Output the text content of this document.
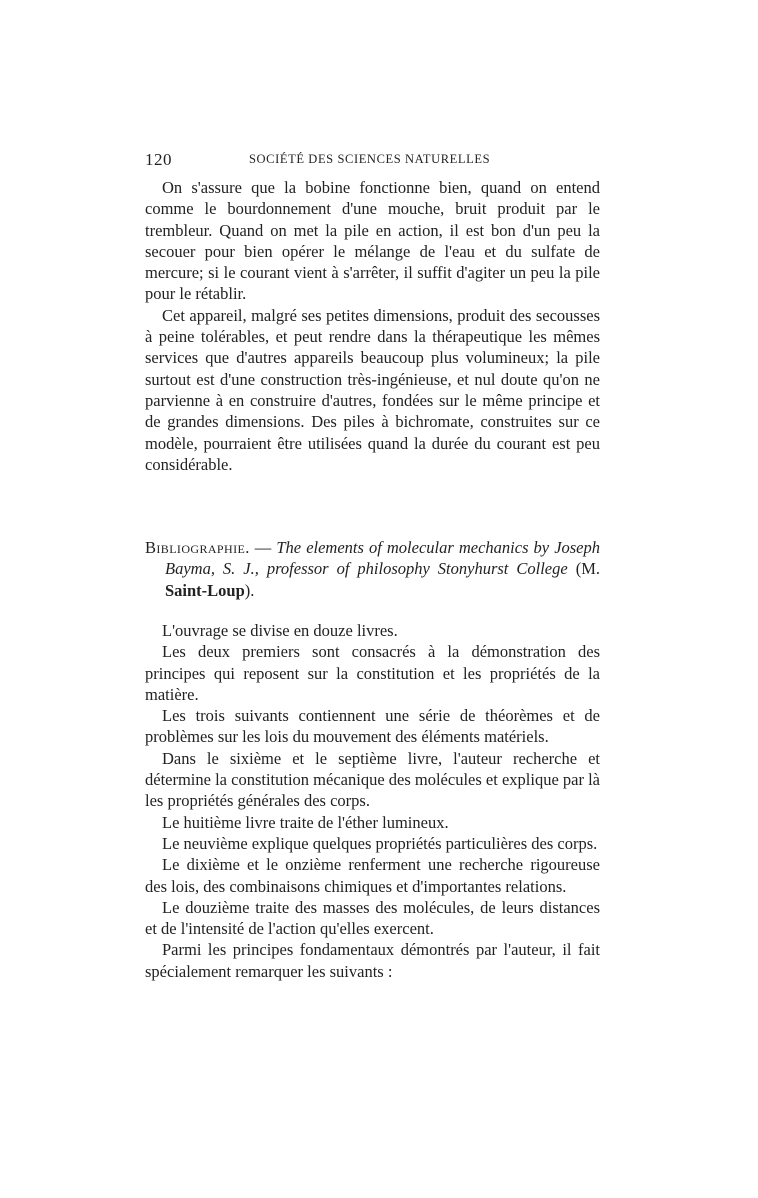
120	SOCIÉTÉ DES SCIENCES NATURELLES

On s'assure que la bobine fonctionne bien, quand on entend comme le bourdonnement d'une mouche, bruit produit par le trembleur. Quand on met la pile en action, il est bon d'un peu la secouer pour bien opérer le mélange de l'eau et du sulfate de mercure; si le courant vient à s'arrêter, il suffit d'agiter un peu la pile pour le rétablir.

Cet appareil, malgré ses petites dimensions, produit des secousses à peine tolérables, et peut rendre dans la thérapeutique les mêmes services que d'autres appareils beaucoup plus volumineux; la pile surtout est d'une construction très-ingénieuse, et nul doute qu'on ne parvienne à en construire d'autres, fondées sur le même principe et de grandes dimensions. Des piles à bichromate, construites sur ce modèle, pourraient être utilisées quand la durée du courant est peu considérable.

Bibliographie. — The elements of molecular mechanics by Joseph Bayma, S. J., professor of philosophy Stonyhurst College (M. Saint-Loup).

L'ouvrage se divise en douze livres.

Les deux premiers sont consacrés à la démonstration des principes qui reposent sur la constitution et les propriétés de la matière.

Les trois suivants contiennent une série de théorèmes et de problèmes sur les lois du mouvement des éléments matériels.

Dans le sixième et le septième livre, l'auteur recherche et détermine la constitution mécanique des molécules et explique par là les propriétés générales des corps.

Le huitième livre traite de l'éther lumineux.

Le neuvième explique quelques propriétés particulières des corps.

Le dixième et le onzième renferment une recherche rigoureuse des lois, des combinaisons chimiques et d'importantes relations.

Le douzième traite des masses des molécules, de leurs distances et de l'intensité de l'action qu'elles exercent.

Parmi les principes fondamentaux démontrés par l'auteur, il fait spécialement remarquer les suivants :
